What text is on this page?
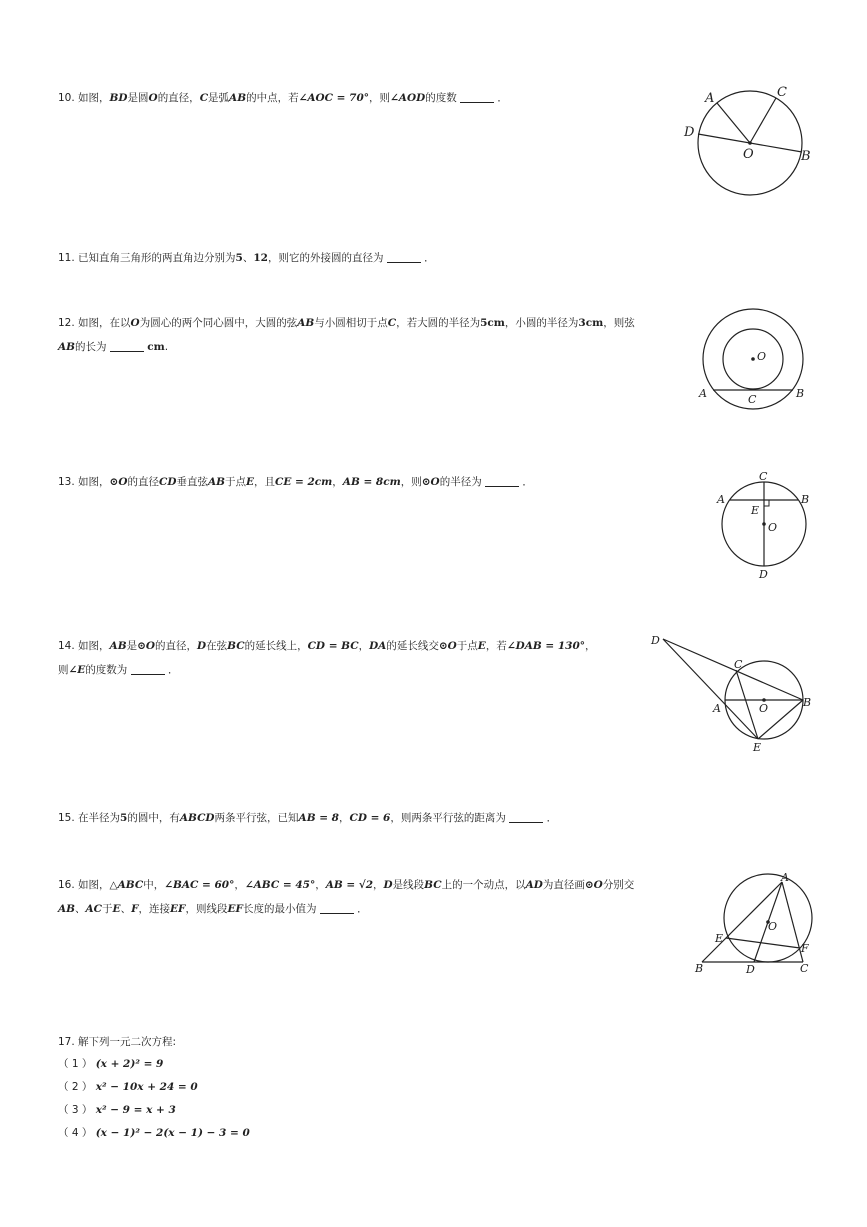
10. 如图，BD是圆O的直径，C是弧AB的中点，若∠AOC = 70°，则∠AOD的度数	．	A	C
D
O	B
11. 已知直角三角形的两直角边分别为5、12，则它的外接圆的直径为	．
12. 如图，在以O为圆心的两个同心圆中，大圆的弦AB与小圆相切于点C，若大圆的半径为5cm，小圆的半径为3cm，则弦
AB的长为	cm.
O
A	C	B
13. 如图，⊙O的直径CD垂直弦AB于点E，且CE = 2cm，AB = 8cm，则⊙O的半径为	．	C
A	B
E
O
D
14. 如图，AB是⊙O的直径，D在弦BC的延长线上，CD = BC，DA的延长线交⊙O于点E，若∠DAB = 130°，
则∠E的度数为	．
D
C
B
A	O
E
15. 在半径为5的圆中，有ABCD两条平行弦，已知AB = 8，CD = 6，则两条平行弦的距离为	．
16. 如图，△ABC中，∠BAC = 60°，∠ABC = 45°，AB = √2，D是线段BC上的一个动点，以AD为直径画⊙O分别交
AB、AC于E、F，连接EF，则线段EF长度的最小值为	．
A
O
E
F
B	D	C
17. 解下列一元二次方程:
（ 1 ） (x + 2)² = 9
（ 2 ） x² − 10x + 24 = 0
（ 3 ） x² − 9 = x + 3
（ 4 ） (x − 1)² − 2(x − 1) − 3 = 0
